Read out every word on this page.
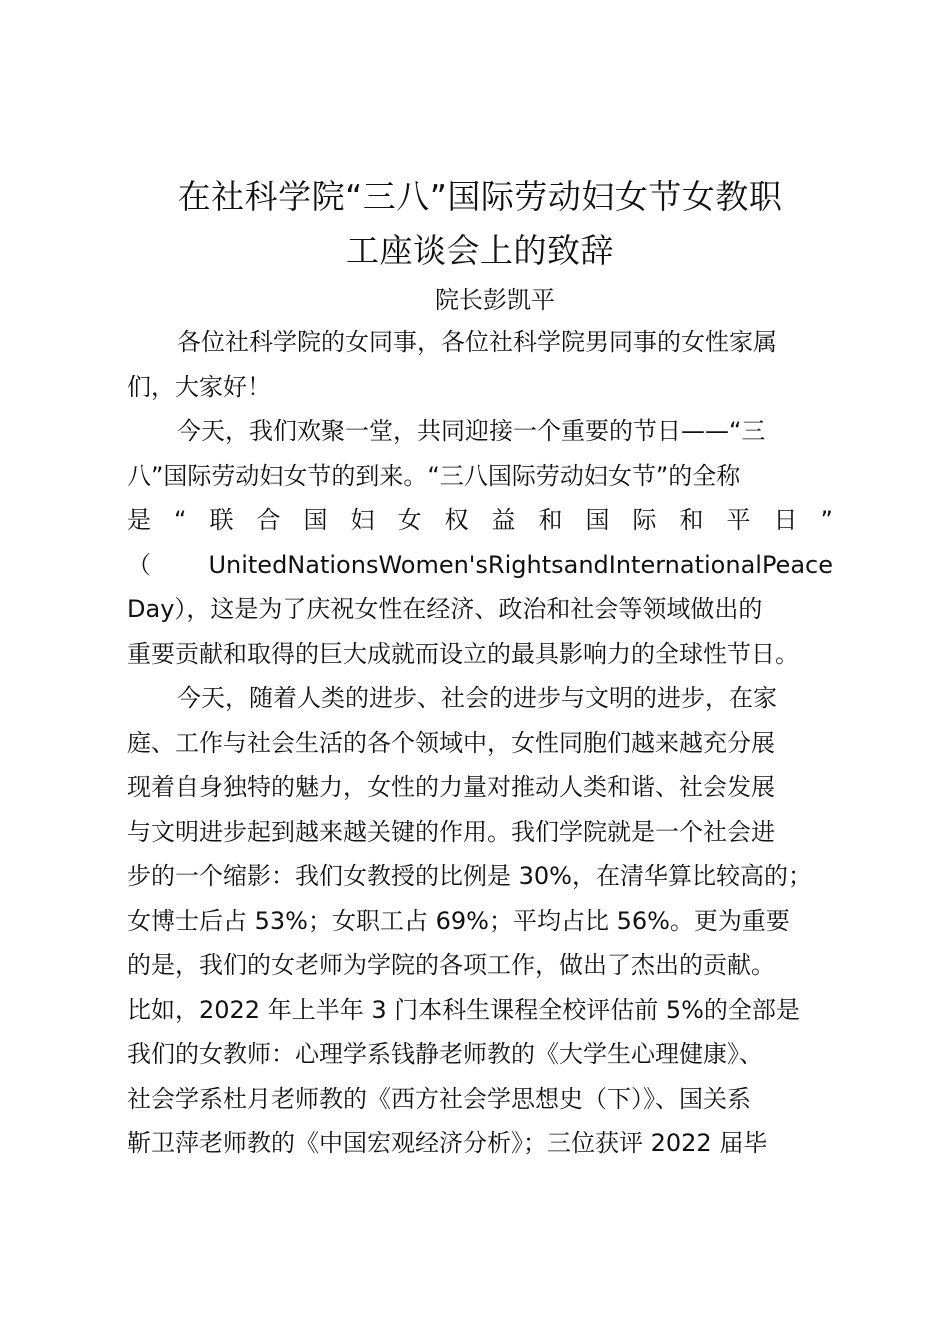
在社科学院“三八”国际劳动妇女节女教职
工座谈会上的致辞
院长彭凯平
各位社科学院的女同事，各位社科学院男同事的女性家属
们，大家好！
今天，我们欢聚一堂，共同迎接一个重要的节日——“三
八”国际劳动妇女节的到来。“三八国际劳动妇女节”的全称
是 “ 联 合 国 妇 女 权 益 和 国 际 和 平 日 ”
（ UnitedNationsWomen'sRightsandInternationalPeace
Day），这是为了庆祝女性在经济、政治和社会等领域做出的
重要贡献和取得的巨大成就而设立的最具影响力的全球性节日。
今天，随着人类的进步、社会的进步与文明的进步，在家
庭、工作与社会生活的各个领域中，女性同胞们越来越充分展
现着自身独特的魅力，女性的力量对推动人类和谐、社会发展
与文明进步起到越来越关键的作用。我们学院就是一个社会进
步的一个缩影：我们女教授的比例是 30%，在清华算比较高的；
女博士后占 53%；女职工占 69%；平均占比 56%。更为重要
的是，我们的女老师为学院的各项工作，做出了杰出的贡献。
比如，2022 年上半年 3 门本科生课程全校评估前 5%的全部是
我们的女教师：心理学系钱静老师教的《大学生心理健康》、
社会学系杜月老师教的《西方社会学思想史（下）》、国关系
靳卫萍老师教的《中国宏观经济分析》；三位获评 2022 届毕
